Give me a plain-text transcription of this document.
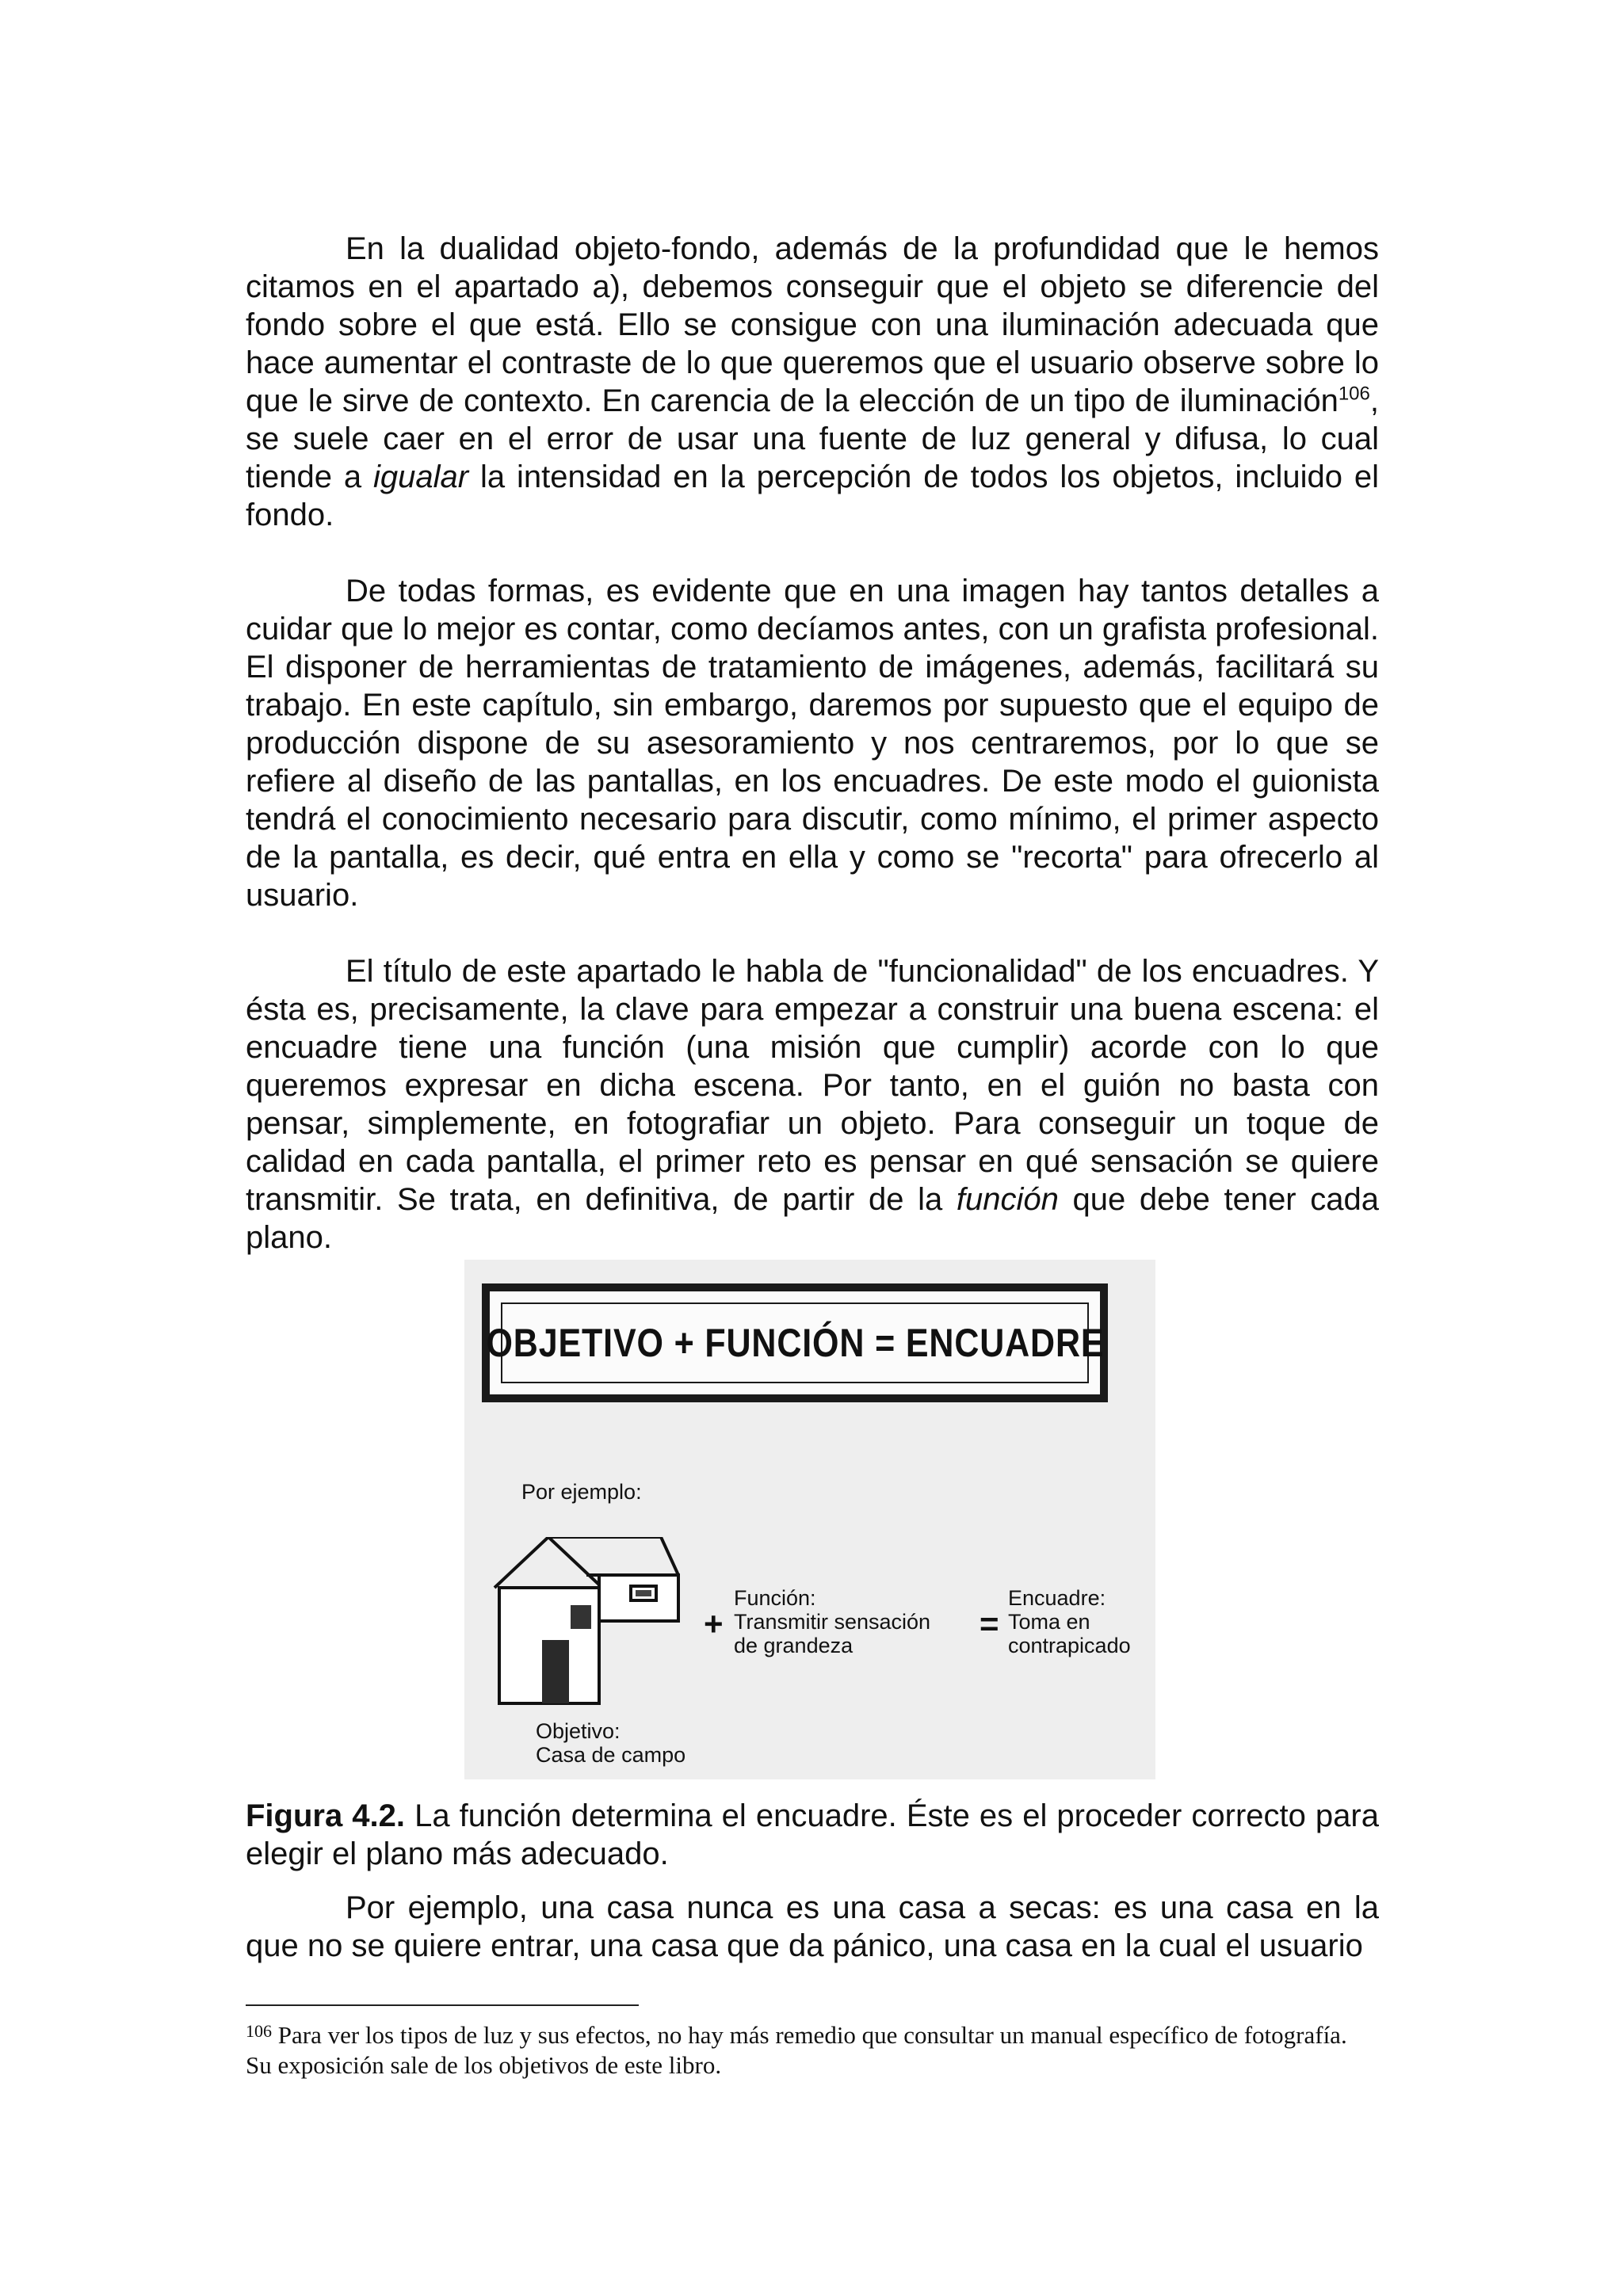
En la dualidad objeto-fondo, además de la profundidad que le hemos citamos en el apartado a), debemos conseguir que el objeto se diferencie del fondo sobre el que está. Ello se consigue con una iluminación adecuada que hace aumentar el contraste de lo que queremos que el usuario observe sobre lo que le sirve de contexto. En carencia de la elección de un tipo de iluminación$^{106}$, se suele caer en el error de usar una fuente de luz general y difusa, lo cual tiende a igualar la intensidad en la percepción de todos los objetos, incluido el fondo.

De todas formas, es evidente que en una imagen hay tantos detalles a cuidar que lo mejor es contar, como decíamos antes, con un grafista profesional. El disponer de herramientas de tratamiento de imágenes, además, facilitará su trabajo. En este capítulo, sin embargo, daremos por supuesto que el equipo de producción dispone de su asesoramiento y nos centraremos, por lo que se refiere al diseño de las pantallas, en los encuadres. De este modo el guionista tendrá el conocimiento necesario para discutir, como mínimo, el primer aspecto de la pantalla, es decir, qué entra en ella y como se "recorta" para ofrecerlo al usuario.

El título de este apartado le habla de "funcionalidad" de los encuadres. Y ésta es, precisamente, la clave para empezar a construir una buena escena: el encuadre tiene una función (una misión que cumplir) acorde con lo que queremos expresar en dicha escena. Por tanto, en el guión no basta con pensar, simplemente, en fotografiar un objeto. Para conseguir un toque de calidad en cada pantalla, el primer reto es pensar en qué sensación se quiere transmitir. Se trata, en definitiva, de partir de la función que debe tener cada plano.

OBJETIVO + FUNCIÓN = ENCUADRE
Por ejemplo:
+
Función:
Transmitir sensación
de grandeza
=
Encuadre:
Toma en
contrapicado
Objetivo:
Casa de campo

Figura 4.2. La función determina el encuadre. Éste es el proceder correcto para elegir el plano más adecuado.

Por ejemplo, una casa nunca es una casa a secas: es una casa en la que no se quiere entrar, una casa que da pánico, una casa en la cual el usuario

$^{106}$ Para ver los tipos de luz y sus efectos, no hay más remedio que consultar un manual específico de fotografía. Su exposición sale de los objetivos de este libro.
